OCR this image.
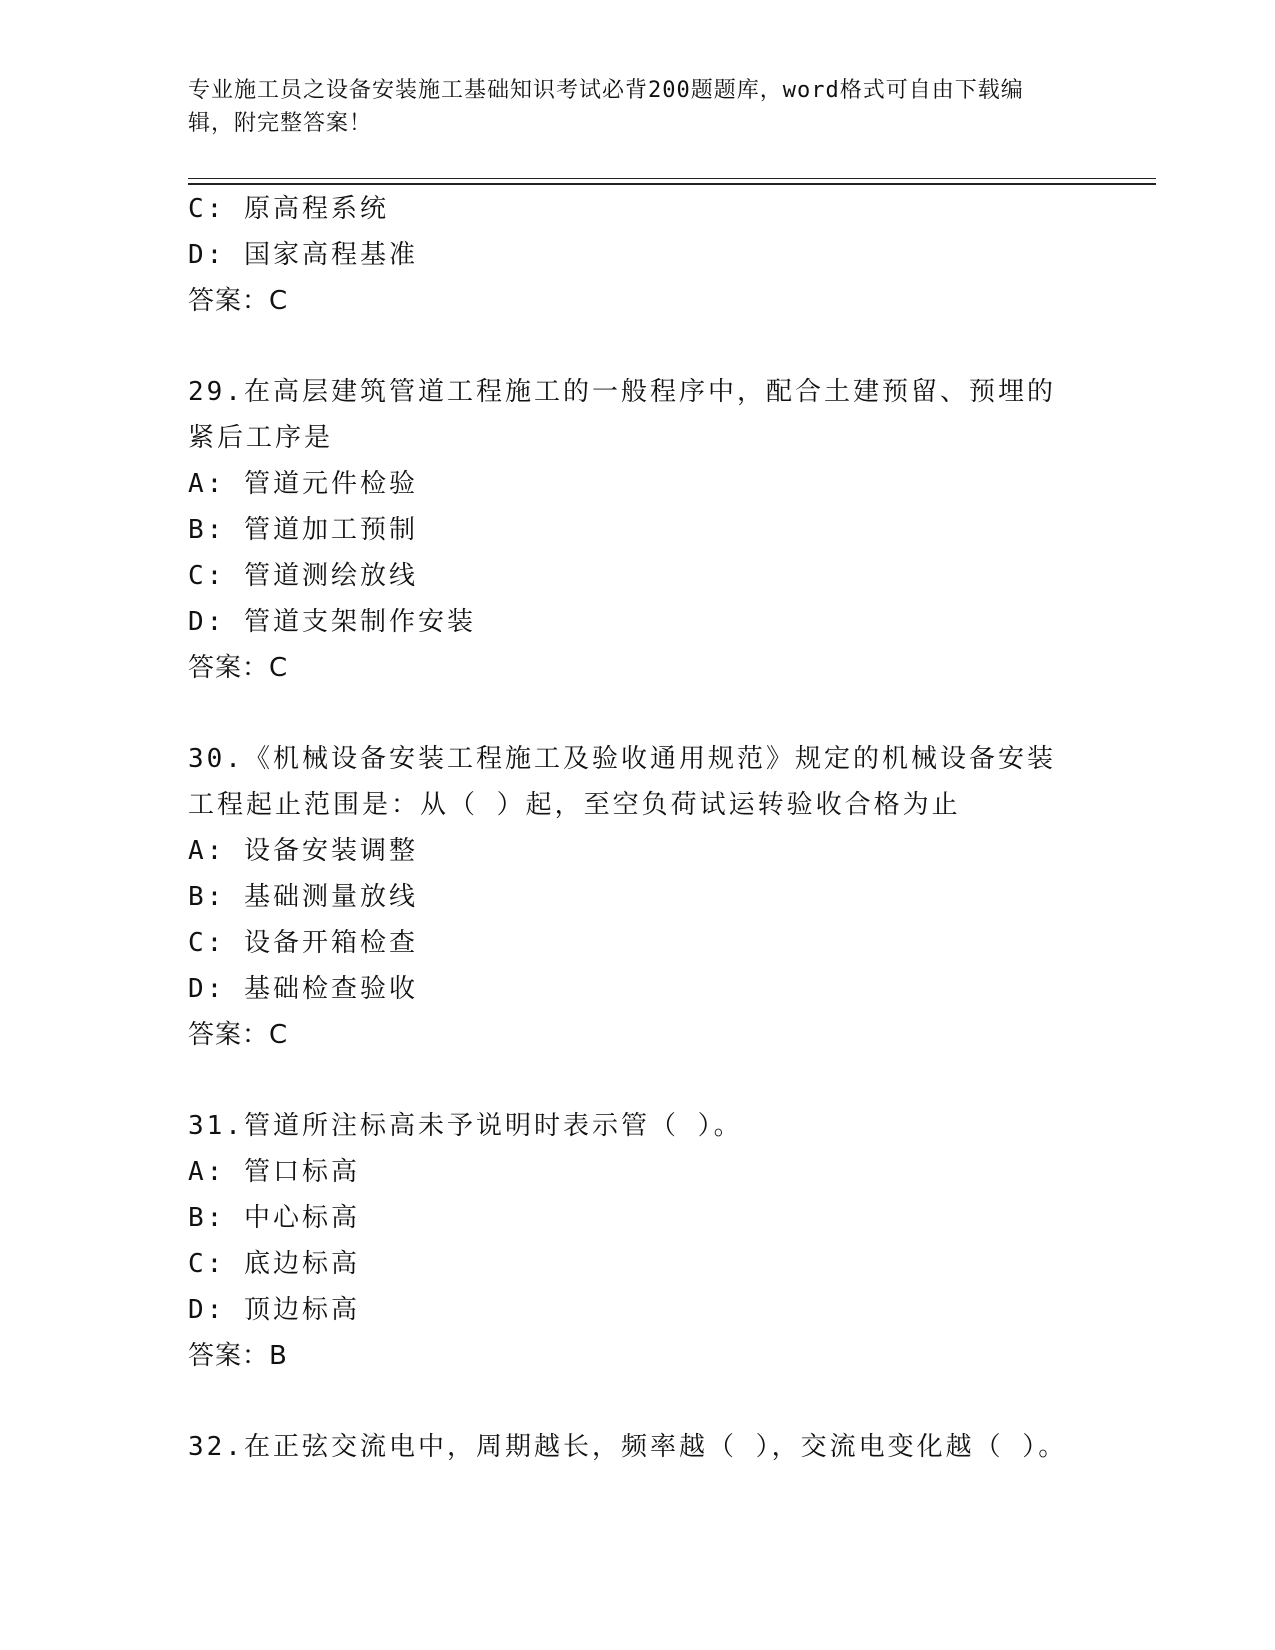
专业施工员之设备安装施工基础知识考试必背200题题库，word格式可自由下载编辑，附完整答案！
C: 原高程系统
D: 国家高程基准
答案：C
29.在高层建筑管道工程施工的一般程序中，配合土建预留、预埋的紧后工序是
A: 管道元件检验
B: 管道加工预制
C: 管道测绘放线
D: 管道支架制作安装
答案：C
30.《机械设备安装工程施工及验收通用规范》规定的机械设备安装工程起止范围是：从（ ）起，至空负荷试运转验收合格为止
A: 设备安装调整
B: 基础测量放线
C: 设备开箱检查
D: 基础检查验收
答案：C
31.管道所注标高未予说明时表示管（ ）。
A: 管口标高
B: 中心标高
C: 底边标高
D: 顶边标高
答案：B
32.在正弦交流电中，周期越长，频率越（ ），交流电变化越（ ）。
